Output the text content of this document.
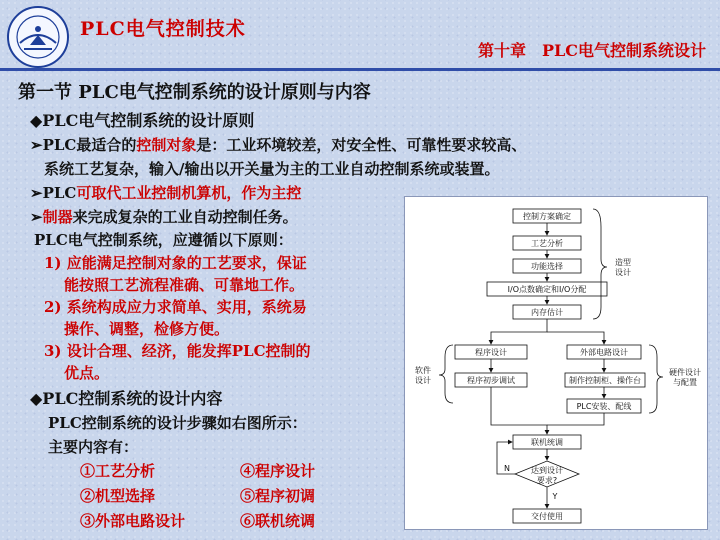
PLC电气控制技术
第十章　PLC电气控制系统设计
第一节 PLC电气控制系统的设计原则与内容
◆PLC电气控制系统的设计原则
➢PLC最适合的控制对象是：工业环境较差，对安全性、可靠性要求较高、
系统工艺复杂，输入/输出以开关量为主的工业自动控制系统或装置。
➢PLC可取代工业控制机算机，作为主控
➢制器来完成复杂的工业自动控制任务。
PLC电气控制系统，应遵循以下原则：
1) 应能满足控制对象的工艺要求，保证
能按照工艺流程准确、可靠地工作。
2) 系统构成应力求简单、实用，系统易
操作、调整，检修方便。
3) 设计合理、经济，能发挥PLC控制的
优点。
◆PLC控制系统的设计内容
PLC控制系统的设计步骤如右图所示：
主要内容有：
①工艺分析	④程序设计
②机型选择	⑤程序初调
③外部电路设计	⑥联机统调
控制方案确定
工艺分析
功能选择
I/O点数确定和I/O分配
内存估计
程序设计
程序初步调试
外部电路设计
制作控制柜、操作台
PLC安装、配线
联机统调
达到设计
要求?
交付使用
造型
设计
软件
设计
硬件设计
与配置
N
Y
